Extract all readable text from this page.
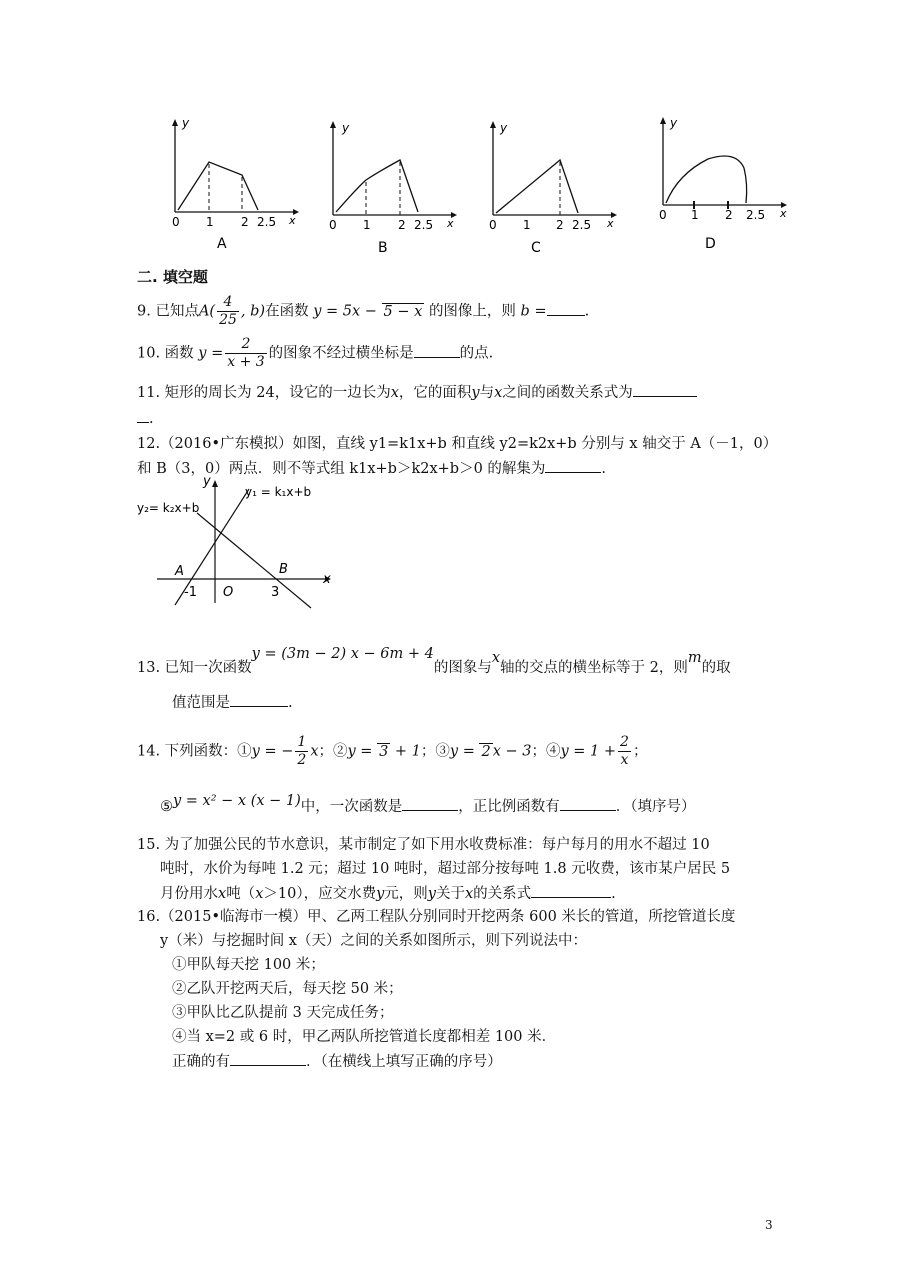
y
x
0 1 2 2.5
A
y
x
0 1 2 2.5
B
y
x
0 1 2 2.5
C
y
x
0 1 2 2.5
D
二. 填空题
9. 已知点$A( \frac{4}{25}$ , b)在函数 y = 5x − 5 − x 的图像上，则 b =	.
10. 函数 $y = \frac{2}{x + 3}$ 的图象不经过横坐标是	的点.
11. 矩形的周长为 24，设它的一边长为x，它的面积y与x之间的函数关系式为
.
12.（2016•广东模拟）如图，直线 y1=k1x+b 和直线 y2=k2x+b 分别与 x 轴交于 A（－1，0）
和 B（3，0）两点．则不等式组 k1x+b＞k2x+b＞0 的解集为	.
y
x
y₁ = k₁x+b
y₂= k₂x+b
A	B
O
-1	3
13. 已知一次函数y = (3m − 2) x − 6m + 4的图象与x轴的交点的横坐标等于 2，则m的取
值范围是	.
14. 下列函数：①y = − $\frac{1}{2}$ x；②y = 3 + 1；③y = 2 x − 3；④y = $1 + \frac{2}{x}$ ；
⑤y = x² − x (x − 1)中，一次函数是	，正比例函数有	．（填序号）
15. 为了加强公民的节水意识，某市制定了如下用水收费标准：每户每月的用水不超过 10
吨时，水价为每吨 1.2 元；超过 10 吨时，超过部分按每吨 1.8 元收费，该市某户居民 5
月份用水x吨（x＞10），应交水费y元，则y关于x的关系式	.
16.（2015•临海市一模）甲、乙两工程队分别同时开挖两条 600 米长的管道，所挖管道长度
y（米）与挖掘时间 x（天）之间的关系如图所示，则下列说法中：
①甲队每天挖 100 米；
②乙队开挖两天后，每天挖 50 米；
③甲队比乙队提前 3 天完成任务；
④当 x=2 或 6 时，甲乙两队所挖管道长度都相差 100 米．
正确的有	．（在横线上填写正确的序号）
3
